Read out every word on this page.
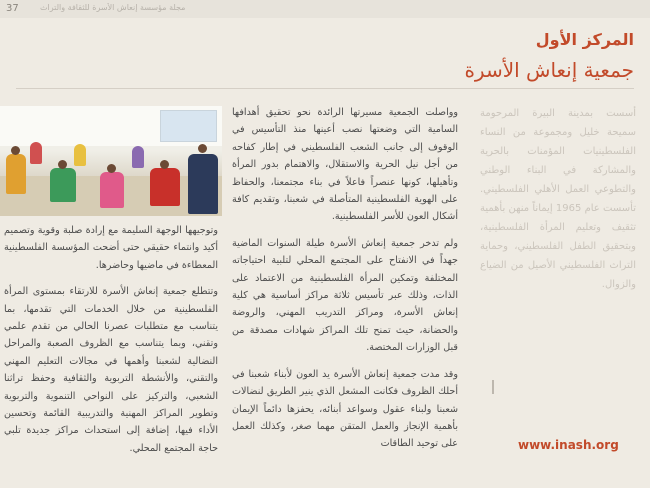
37	مجلة مؤسسة إنعاش الأسرة للثقافة والتراث
المركز الأول
جمعية إنعاش الأسرة

أسست بمدينة البيرة المرحومة سميحة خليل ومجموعة من النساء الفلسطينيات المؤمنات بالحرية والمشاركة في البناء الوطني والتطوعي العمل الأهلي الفلسطيني. تأسست عام 1965 إيماناً منهن بأهمية تثقيف وتعليم المرأة الفلسطينية، وبتحقيق الطفل الفلسطيني، وحماية التراث الفلسطيني الأصيل من الضياع والزوال.

وواصلت الجمعية مسيرتها الرائدة نحو تحقيق أهدافها السامية التي وضعتها نصب أعينها منذ التأسيس في الوقوف إلى جانب الشعب الفلسطيني في إطار كفاحه من أجل نيل الحرية والاستقلال، والاهتمام بدور المرأة وتأهيلها، كونها عنصراً فاعلاً في بناء مجتمعنا، والحفاظ على الهوية الفلسطينية المتأصلة في شعبنا، وتقديم كافة أشكال العون للأسر الفلسطينية.

ولم تدخر جمعية إنعاش الأسرة طيلة السنوات الماضية جهداً في الانفتاح على المجتمع المحلي لتلبية احتياجاته المختلفة وتمكين المرأة الفلسطينية من الاعتماد على الذات، وذلك عبر تأسيس ثلاثة مراكز أساسية هي كلية إنعاش الأسرة، ومراكز التدريب المهني، والروضة والحضانة، حيث تمنح تلك المراكز شهادات مصدقة من قبل الوزارات المختصة.

وقد مدت جمعية إنعاش الأسرة يد العون لأبناء شعبنا في أحلك الظروف فكانت المشعل الذي ينير الطريق لنضالات شعبنا ولبناء عقول وسواعد أبنائه، يحفزها دائماً الإيمان بأهمية الإنجاز والعمل المتقن مهما صغر، وكذلك العمل على توحيد الطاقات

وتوجيهها الوجهة السليمة مع إرادة صلبة وقوية وتصميم أكيد وانتماء حقيقي حتى أضحت المؤسسة الفلسطينية المعطاءة في ماضيها وحاضرها.

وتتطلع جمعية إنعاش الأسرة للارتقاء بمستوى المرأة الفلسطينية من خلال الخدمات التي تقدمها، بما يتناسب مع متطلبات عصرنا الحالي من تقدم علمي وتقني، وبما يتناسب مع الظروف الصعبة والمراحل النضالية لشعبنا وأهمها في مجالات التعليم المهني والتقني، والأنشطة التربوية والثقافية وحفظ تراثنا الشعبي، والتركيز على النواحي التنموية والتربوية وتطوير المراكز المهنية والتدريبية القائمة وتحسين الأداء فيها، إضافة إلى استحداث مراكز جديدة تلبي حاجة المجتمع المحلي.	www.inash.org
